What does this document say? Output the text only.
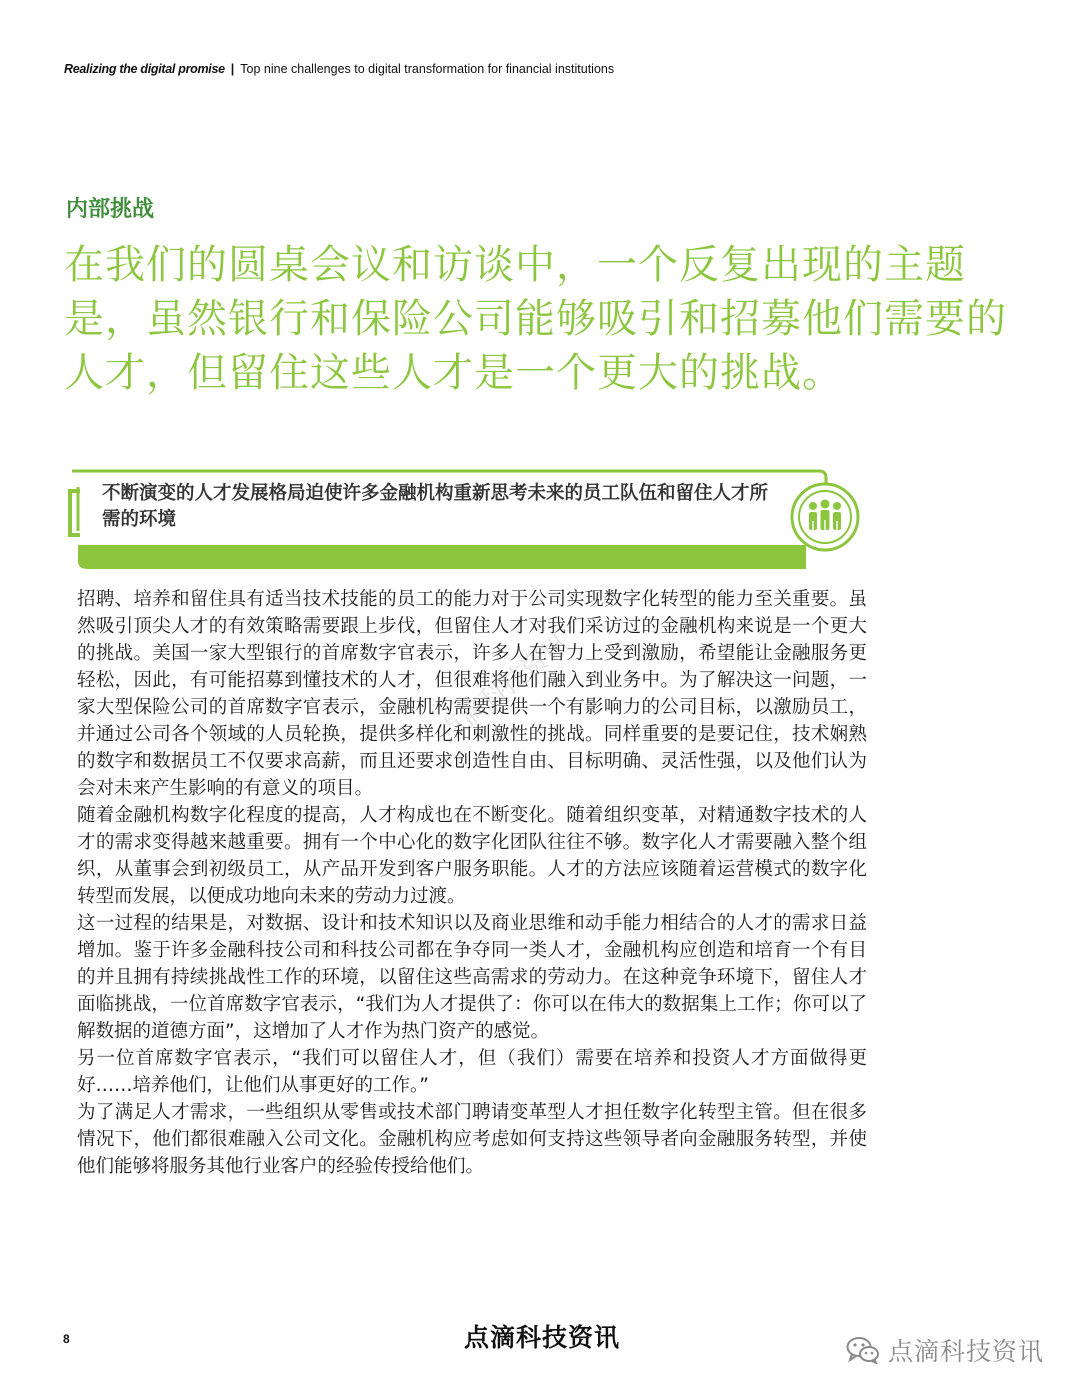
Realizing the digital promise | Top nine challenges to digital transformation for financial institutions
内部挑战
在我们的圆桌会议和访谈中，一个反复出现的主题是，虽然银行和保险公司能够吸引和招募他们需要的人才，但留住这些人才是一个更大的挑战。
不断演变的人才发展格局迫使许多金融机构重新思考未来的员工队伍和留住人才所需的环境

招聘、培养和留住具有适当技术技能的员工的能力对于公司实现数字化转型的能力至关重要。虽然吸引顶尖人才的有效策略需要跟上步伐，但留住人才对我们采访过的金融机构来说是一个更大的挑战。美国一家大型银行的首席数字官表示，许多人在智力上受到激励，希望能让金融服务更轻松，因此，有可能招募到懂技术的人才，但很难将他们融入到业务中。为了解决这一问题，一家大型保险公司的首席数字官表示，金融机构需要提供一个有影响力的公司目标，以激励员工，并通过公司各个领域的人员轮换，提供多样化和刺激性的挑战。同样重要的是要记住，技术娴熟的数字和数据员工不仅要求高薪，而且还要求创造性自由、目标明确、灵活性强，以及他们认为会对未来产生影响的有意义的项目。

随着金融机构数字化程度的提高，人才构成也在不断变化。随着组织变革，对精通数字技术的人才的需求变得越来越重要。拥有一个中心化的数字化团队往往不够。数字化人才需要融入整个组织，从董事会到初级员工，从产品开发到客户服务职能。人才的方法应该随着运营模式的数字化转型而发展，以便成功地向未来的劳动力过渡。

这一过程的结果是，对数据、设计和技术知识以及商业思维和动手能力相结合的人才的需求日益增加。鉴于许多金融科技公司和科技公司都在争夺同一类人才，金融机构应创造和培育一个有目的并且拥有持续挑战性工作的环境，以留住这些高需求的劳动力。在这种竞争环境下，留住人才面临挑战，一位首席数字官表示，“我们为人才提供了：你可以在伟大的数据集上工作；你可以了解数据的道德方面”，这增加了人才作为热门资产的感觉。

另一位首席数字官表示，“我们可以留住人才，但（我们）需要在培养和投资人才方面做得更好……培养他们，让他们从事更好的工作。”

为了满足人才需求，一些组织从零售或技术部门聘请变革型人才担任数字化转型主管。但在很多情况下，他们都很难融入公司文化。金融机构应考虑如何支持这些领导者向金融服务转型，并使他们能够将服务其他行业客户的经验传授给他们。

点滴科技资讯
8	点滴科技资讯	点滴科技资讯
